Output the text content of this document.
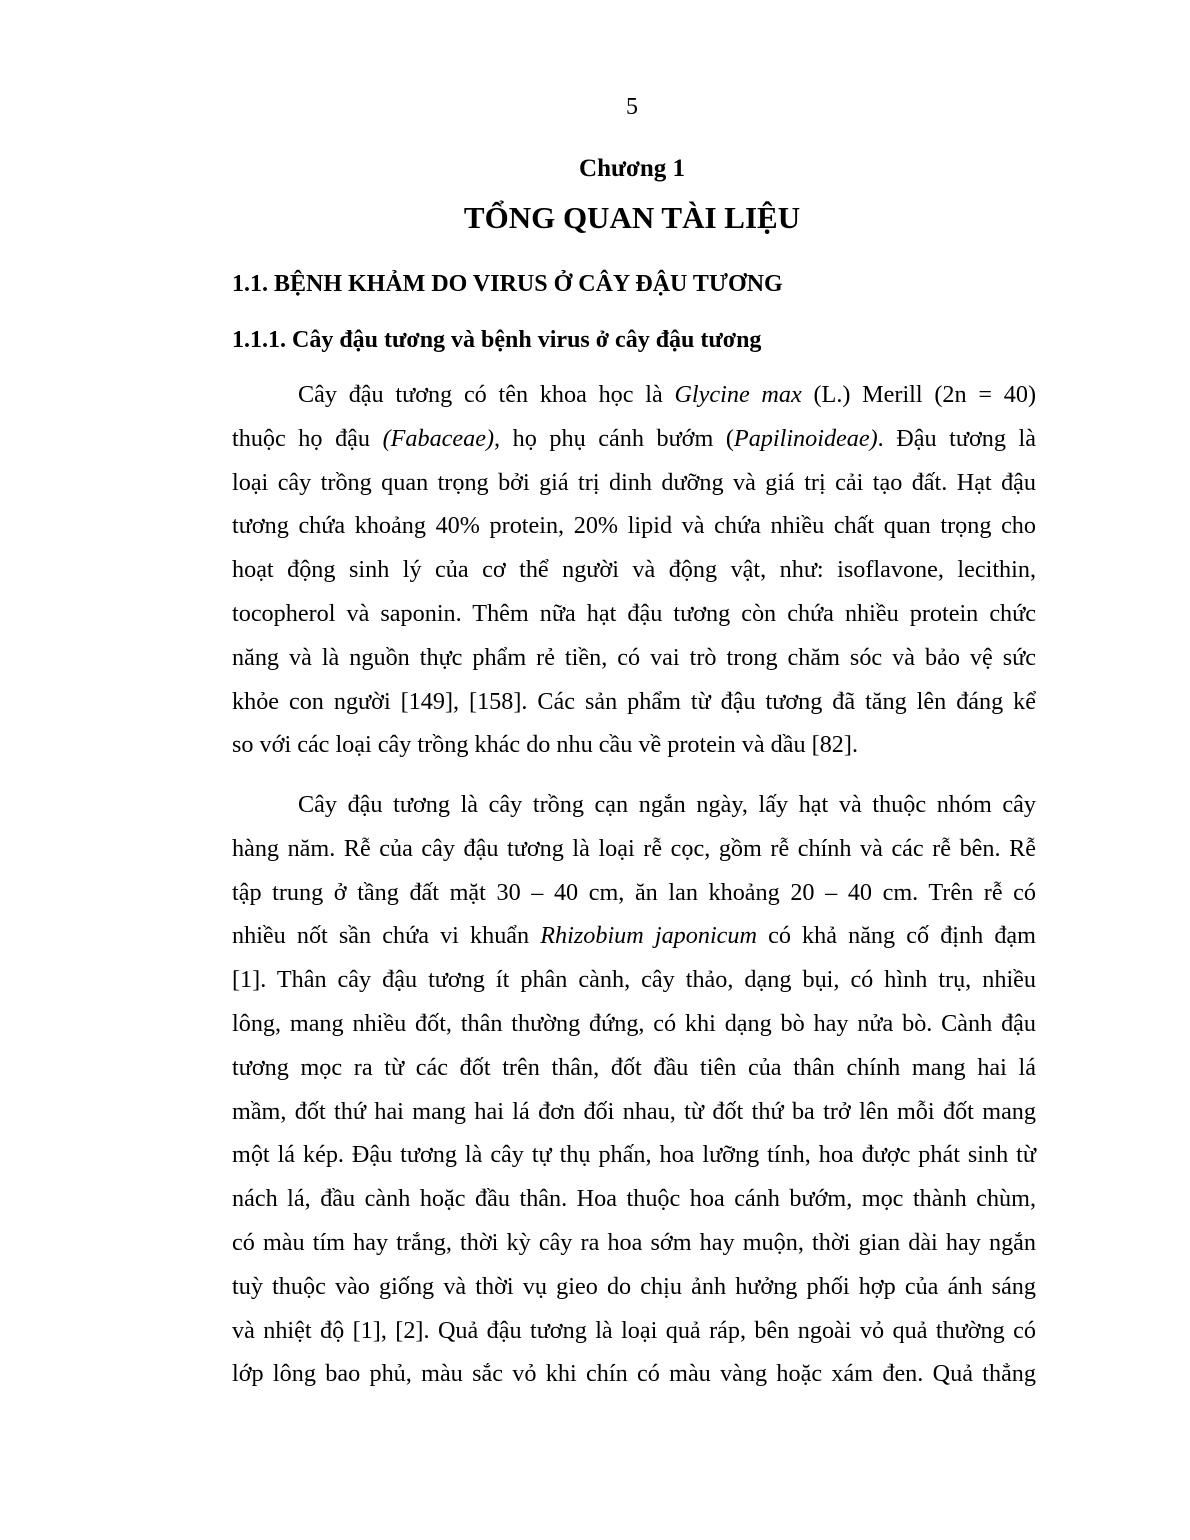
5
Chương 1
TỔNG QUAN TÀI LIỆU
1.1. BỆNH KHẢM DO VIRUS Ở CÂY ĐẬU TƯƠNG
1.1.1. Cây đậu tương và bệnh virus ở cây đậu tương
Cây đậu tương có tên khoa học là Glycine max (L.) Merill (2n = 40)
thuộc họ đậu (Fabaceae), họ phụ cánh bướm (Papilinoideae). Đậu tương là
loại cây trồng quan trọng bởi giá trị dinh dưỡng và giá trị cải tạo đất. Hạt đậu
tương chứa khoảng 40% protein, 20% lipid và chứa nhiều chất quan trọng cho
hoạt động sinh lý của cơ thể người và động vật, như: isoflavone, lecithin,
tocopherol và saponin. Thêm nữa hạt đậu tương còn chứa nhiều protein chức
năng và là nguồn thực phẩm rẻ tiền, có vai trò trong chăm sóc và bảo vệ sức
khỏe con người [149], [158]. Các sản phẩm từ đậu tương đã tăng lên đáng kể
so với các loại cây trồng khác do nhu cầu về protein và dầu [82].
Cây đậu tương là cây trồng cạn ngắn ngày, lấy hạt và thuộc nhóm cây
hàng năm. Rễ của cây đậu tương là loại rễ cọc, gồm rễ chính và các rễ bên. Rễ
tập trung ở tầng đất mặt 30 – 40 cm, ăn lan khoảng 20 – 40 cm. Trên rễ có
nhiều nốt sần chứa vi khuẩn Rhizobium japonicum có khả năng cố định đạm
[1]. Thân cây đậu tương ít phân cành, cây thảo, dạng bụi, có hình trụ, nhiều
lông, mang nhiều đốt, thân thường đứng, có khi dạng bò hay nửa bò. Cành đậu
tương mọc ra từ các đốt trên thân, đốt đầu tiên của thân chính mang hai lá
mầm, đốt thứ hai mang hai lá đơn đối nhau, từ đốt thứ ba trở lên mỗi đốt mang
một lá kép. Đậu tương là cây tự thụ phấn, hoa lưỡng tính, hoa được phát sinh từ
nách lá, đầu cành hoặc đầu thân. Hoa thuộc hoa cánh bướm, mọc thành chùm,
có màu tím hay trắng, thời kỳ cây ra hoa sớm hay muộn, thời gian dài hay ngắn
tuỳ thuộc vào giống và thời vụ gieo do chịu ảnh hưởng phối hợp của ánh sáng
và nhiệt độ [1], [2]. Quả đậu tương là loại quả ráp, bên ngoài vỏ quả thường có
lớp lông bao phủ, màu sắc vỏ khi chín có màu vàng hoặc xám đen. Quả thẳng
